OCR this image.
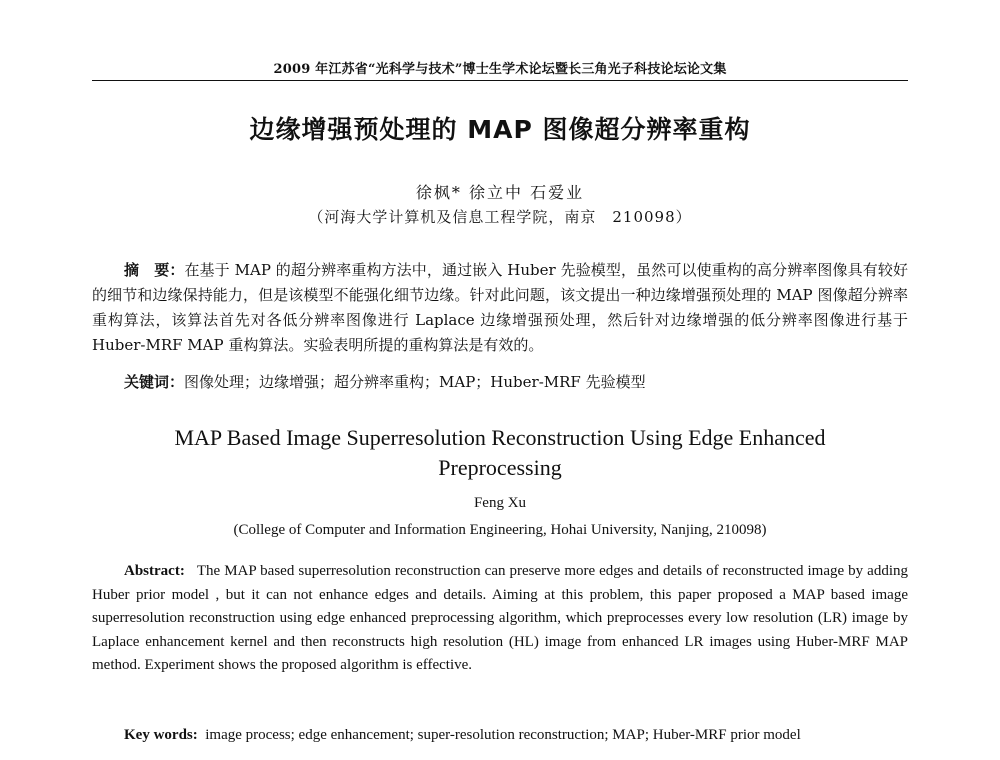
2009 年江苏省“光科学与技术”博士生学术论坛暨长三角光子科技论坛论文集
边缘增强预处理的 MAP 图像超分辨率重构
徐枫* 徐立中 石爱业
（河海大学计算机及信息工程学院，南京　210098）

摘　要：在基于 MAP 的超分辨率重构方法中，通过嵌入 Huber 先验模型，虽然可以使重构的高分辨率图像具有较好的细节和边缘保持能力，但是该模型不能强化细节边缘。针对此问题，该文提出一种边缘增强预处理的 MAP 图像超分辨率重构算法，该算法首先对各低分辨率图像进行 Laplace 边缘增强预处理，然后针对边缘增强的低分辨率图像进行基于 Huber-MRF MAP 重构算法。实验表明所提的重构算法是有效的。

关键词：图像处理；边缘增强；超分辨率重构；MAP；Huber-MRF 先验模型

MAP Based Image Superresolution Reconstruction Using Edge Enhanced Preprocessing
Feng Xu
(College of Computer and Information Engineering, Hohai University, Nanjing, 210098)

Abstract: The MAP based superresolution reconstruction can preserve more edges and details of reconstructed image by adding Huber prior model , but it can not enhance edges and details. Aiming at this problem, this paper proposed a MAP based image superresolution reconstruction using edge enhanced preprocessing algorithm, which preprocesses every low resolution (LR) image by Laplace enhancement kernel and then reconstructs high resolution (HL) image from enhanced LR images using Huber-MRF MAP method. Experiment shows the proposed algorithm is effective.

Key words: image process; edge enhancement; super-resolution reconstruction; MAP; Huber-MRF prior model
